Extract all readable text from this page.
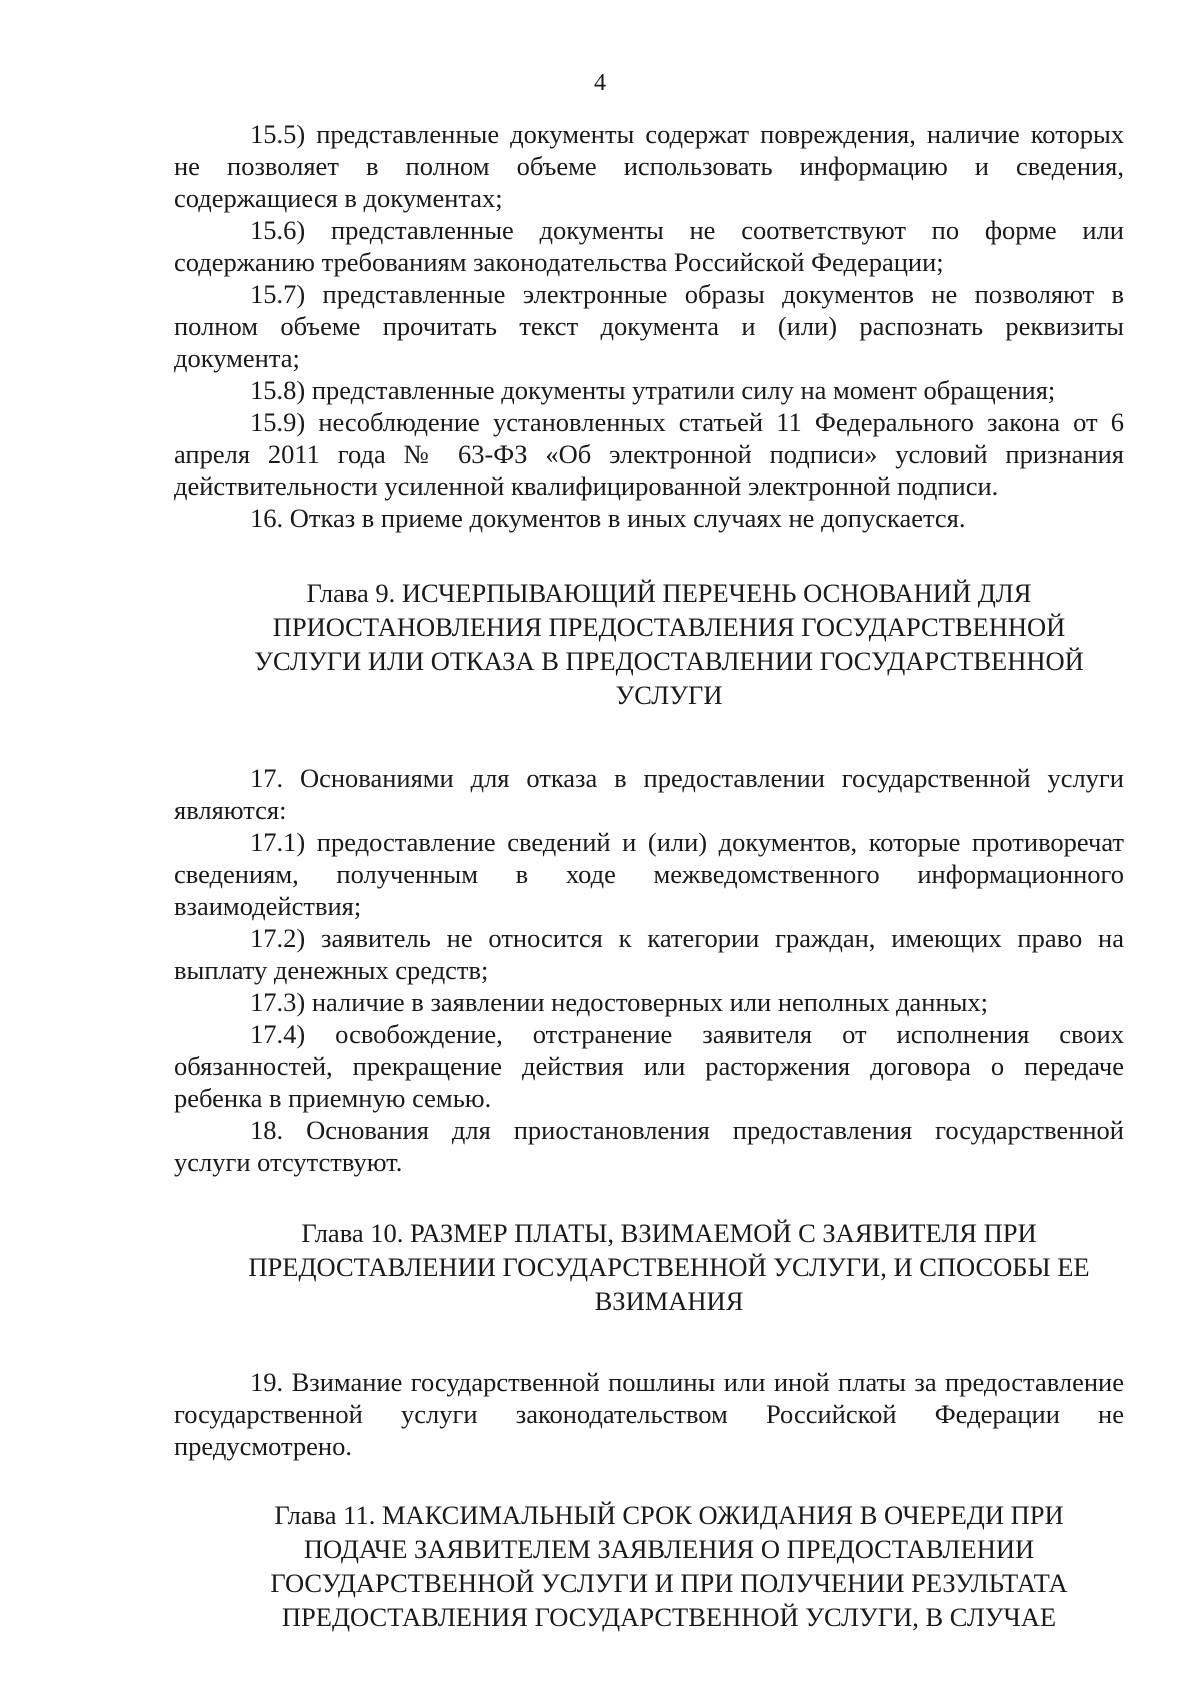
4

15.5) представленные документы содержат повреждения, наличие которых не позволяет в полном объеме использовать информацию и сведения, содержащиеся в документах;

15.6) представленные документы не соответствуют по форме или содержанию требованиям законодательства Российской Федерации;

15.7) представленные электронные образы документов не позволяют в полном объеме прочитать текст документа и (или) распознать реквизиты документа;

15.8) представленные документы утратили силу на момент обращения;

15.9) несоблюдение установленных статьей 11 Федерального закона от 6 апреля 2011 года № 63-ФЗ «Об электронной подписи» условий признания действительности усиленной квалифицированной электронной подписи.

16. Отказ в приеме документов в иных случаях не допускается.

Глава 9. ИСЧЕРПЫВАЮЩИЙ ПЕРЕЧЕНЬ ОСНОВАНИЙ ДЛЯ
ПРИОСТАНОВЛЕНИЯ ПРЕДОСТАВЛЕНИЯ ГОСУДАРСТВЕННОЙ
УСЛУГИ ИЛИ ОТКАЗА В ПРЕДОСТАВЛЕНИИ ГОСУДАРСТВЕННОЙ
УСЛУГИ

17. Основаниями для отказа в предоставлении государственной услуги являются:

17.1) предоставление сведений и (или) документов, которые противоречат сведениям, полученным в ходе межведомственного информационного взаимодействия;

17.2) заявитель не относится к категории граждан, имеющих право на выплату денежных средств;

17.3) наличие в заявлении недостоверных или неполных данных;

17.4) освобождение, отстранение заявителя от исполнения своих обязанностей, прекращение действия или расторжения договора о передаче ребенка в приемную семью.

18. Основания для приостановления предоставления государственной услуги отсутствуют.

Глава 10. РАЗМЕР ПЛАТЫ, ВЗИМАЕМОЙ С ЗАЯВИТЕЛЯ ПРИ
ПРЕДОСТАВЛЕНИИ ГОСУДАРСТВЕННОЙ УСЛУГИ, И СПОСОБЫ ЕЕ
ВЗИМАНИЯ

19. Взимание государственной пошлины или иной платы за предоставление государственной услуги законодательством Российской Федерации не предусмотрено.

Глава 11. МАКСИМАЛЬНЫЙ СРОК ОЖИДАНИЯ В ОЧЕРЕДИ ПРИ
ПОДАЧЕ ЗАЯВИТЕЛЕМ ЗАЯВЛЕНИЯ О ПРЕДОСТАВЛЕНИИ
ГОСУДАРСТВЕННОЙ УСЛУГИ И ПРИ ПОЛУЧЕНИИ РЕЗУЛЬТАТА
ПРЕДОСТАВЛЕНИЯ ГОСУДАРСТВЕННОЙ УСЛУГИ, В СЛУЧАЕ
